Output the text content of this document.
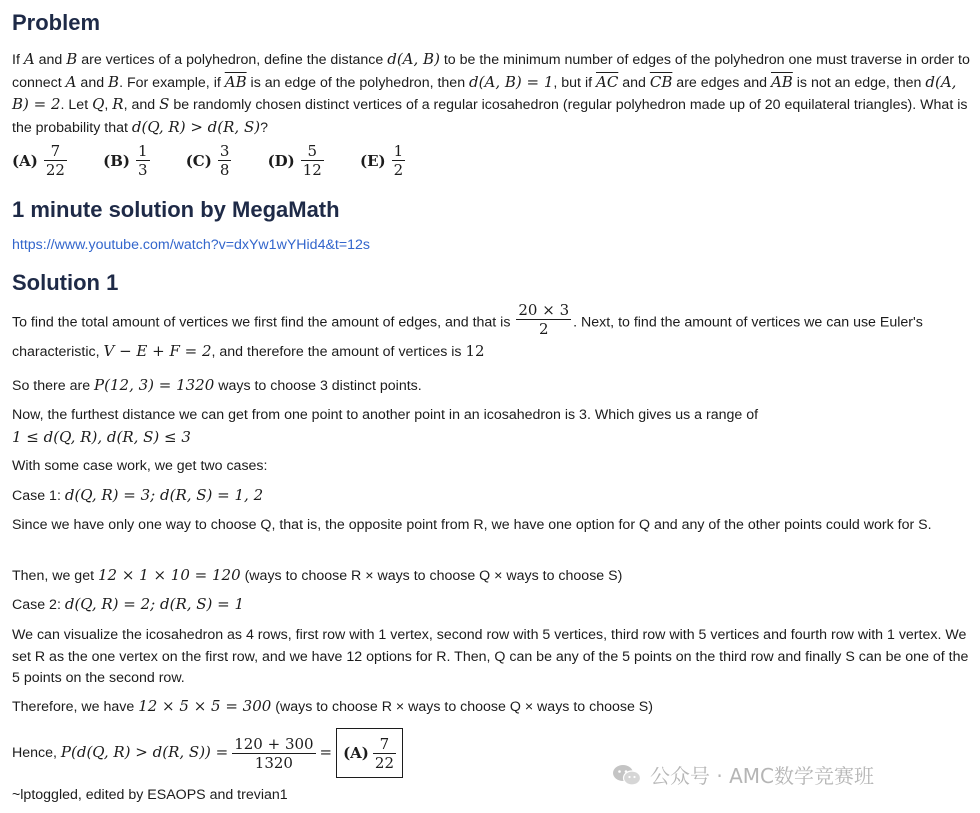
Problem
If A and B are vertices of a polyhedron, define the distance d(A, B) to be the minimum number of edges of the polyhedron one must traverse in order to connect A and B. For example, if $\overline{AB}$ is an edge of the polyhedron, then d(A, B) = 1, but if $\overline{AC}$ and $\overline{CB}$ are edges and $\overline{AB}$ is not an edge, then d(A, B) = 2. Let Q, R, and S be randomly chosen distinct vertices of a regular icosahedron (regular polyhedron made up of 20 equilateral triangles). What is the probability that d(Q, R) > d(R, S)?
$(A) \frac{7}{22} (B) \frac{1}{3} (C) \frac{3}{8} (D) \frac{5}{12} (E) \frac{1}{2}$
1 minute solution by MegaMath
https://www.youtube.com/watch?v=dxYw1wYHid4&t=12s
Solution 1
To find the total amount of vertices we first find the amount of edges, and that is $\frac{20 \times 3}{2}$ . Next, to find the amount of vertices we can use Euler's characteristic, V − E + F = 2, and therefore the amount of vertices is 12
So there are P(12, 3) = 1320 ways to choose 3 distinct points.
Now, the furthest distance we can get from one point to another point in an icosahedron is 3. Which gives us a range of
1 ≤ d(Q, R), d(R, S) ≤ 3
With some case work, we get two cases:
Case 1: d(Q, R) = 3; d(R, S) = 1, 2
Since we have only one way to choose Q, that is, the opposite point from R, we have one option for Q and any of the other points could work for S.
Then, we get 12 × 1 × 10 = 120 (ways to choose R × ways to choose Q × ways to choose S)
Case 2: d(Q, R) = 2; d(R, S) = 1
We can visualize the icosahedron as 4 rows, first row with 1 vertex, second row with 5 vertices, third row with 5 vertices and fourth row with 1 vertex. We set R as the one vertex on the first row, and we have 12 options for R. Then, Q can be any of the 5 points on the third row and finally S can be one of the 5 points on the second row.
Therefore, we have 12 × 5 × 5 = 300 (ways to choose R × ways to choose Q × ways to choose S)
Hence, P(d(Q, R) > d(R, $S)) = \frac{120 + 300}{1320} = (A) \frac{7}{22}$
~lptoggled, edited by ESAOPS and trevian1
公众号 · AMC数学竞赛班
